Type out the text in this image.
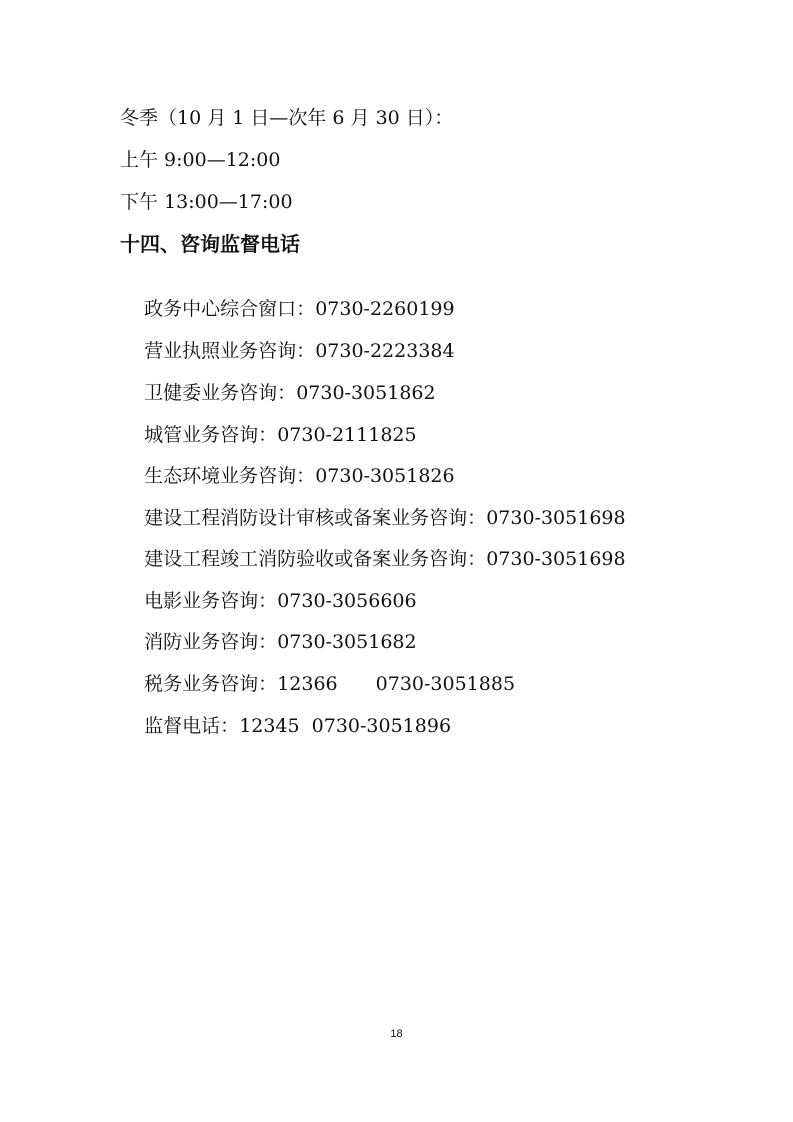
冬季（10 月 1 日—次年 6 月 30 日）：
上午 9:00—12:00
下午 13:00—17:00
十四、咨询监督电话

政务中心综合窗口：0730-2260199

营业执照业务咨询：0730-2223384

卫健委业务咨询：0730-3051862

城管业务咨询：0730-2111825

生态环境业务咨询：0730-3051826

建设工程消防设计审核或备案业务咨询：0730-3051698

建设工程竣工消防验收或备案业务咨询：0730-3051698

电影业务咨询：0730-3056606

消防业务咨询：0730-3051682

税务业务咨询：12366 0730-3051885

监督电话：12345 0730-3051896

18
